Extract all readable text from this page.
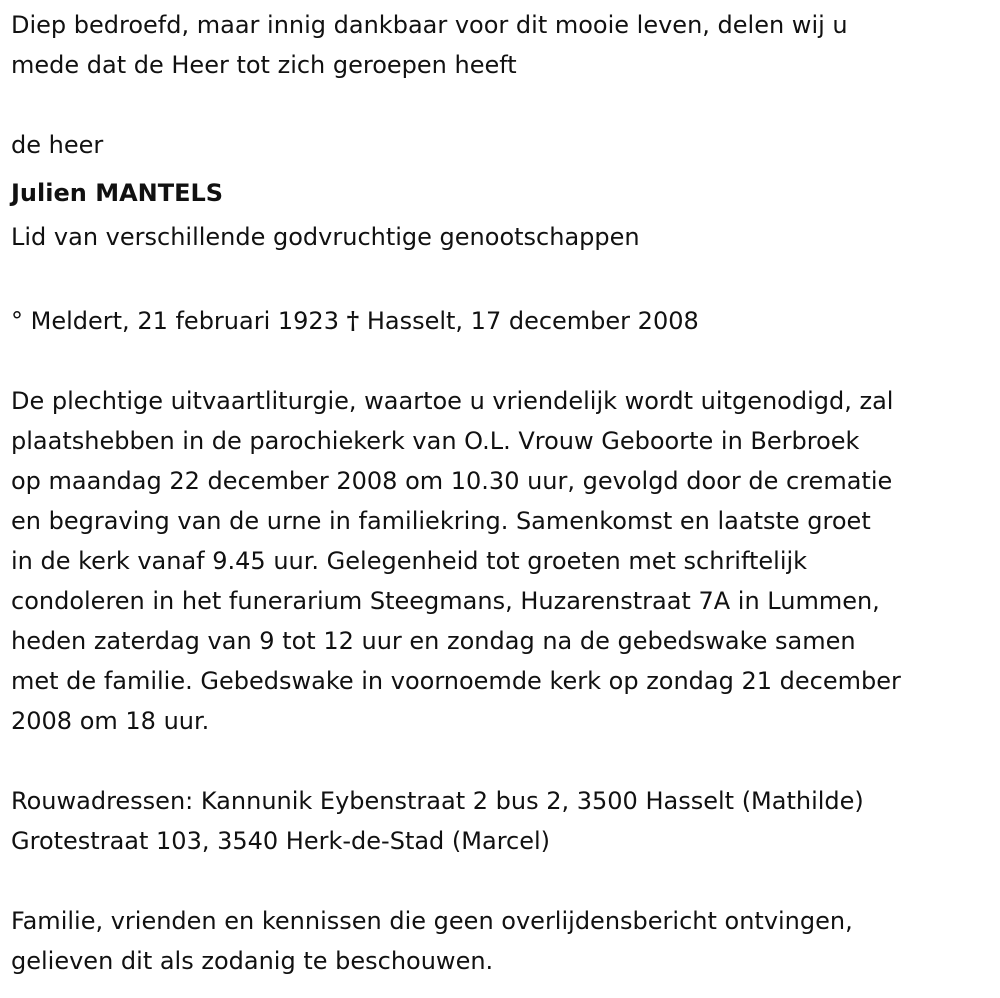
Diep bedroefd, maar innig dankbaar voor dit mooie leven, delen wij u
mede dat de Heer tot zich geroepen heeft
de heer
Julien MANTELS
Lid van verschillende godvruchtige genootschappen
° Meldert, 21 februari 1923 † Hasselt, 17 december 2008
De plechtige uitvaartliturgie, waartoe u vriendelijk wordt uitgenodigd, zal
plaatshebben in de parochiekerk van O.L. Vrouw Geboorte in Berbroek
op maandag 22 december 2008 om 10.30 uur, gevolgd door de crematie
en begraving van de urne in familiekring. Samenkomst en laatste groet
in de kerk vanaf 9.45 uur. Gelegenheid tot groeten met schriftelijk
condoleren in het funerarium Steegmans, Huzarenstraat 7A in Lummen,
heden zaterdag van 9 tot 12 uur en zondag na de gebedswake samen
met de familie. Gebedswake in voornoemde kerk op zondag 21 december
2008 om 18 uur.
Rouwadressen: Kannunik Eybenstraat 2 bus 2, 3500 Hasselt (Mathilde)
Grotestraat 103, 3540 Herk-de-Stad (Marcel)
Familie, vrienden en kennissen die geen overlijdensbericht ontvingen,
gelieven dit als zodanig te beschouwen.
